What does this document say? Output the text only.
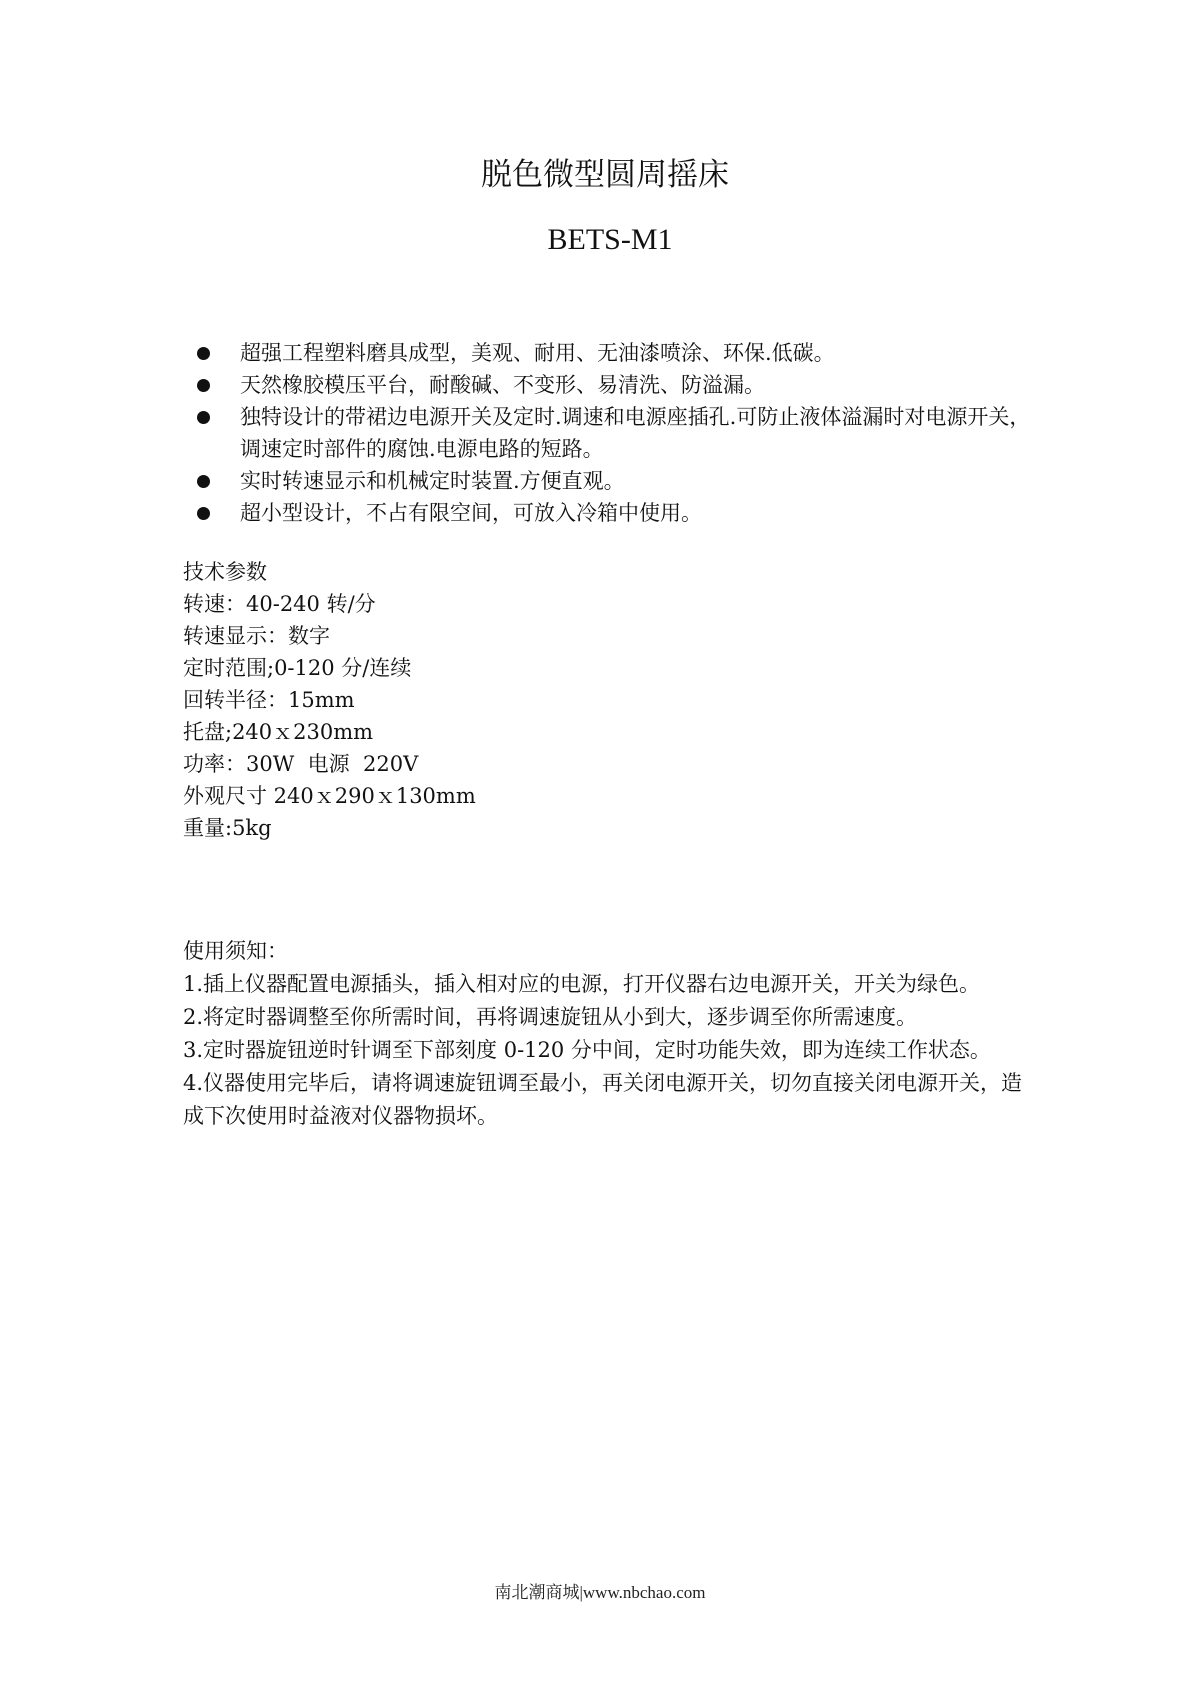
脱色微型圆周摇床
BETS-M1
超强工程塑料磨具成型，美观、耐用、无油漆喷涂、环保.低碳。
天然橡胶模压平台，耐酸碱、不变形、易清洗、防溢漏。
独特设计的带裙边电源开关及定时.调速和电源座插孔.可防止液体溢漏时对电源开关，调速定时部件的腐蚀.电源电路的短路。
实时转速显示和机械定时装置.方便直观。
超小型设计，不占有限空间，可放入冷箱中使用。
技术参数
转速：40-240 转/分
转速显示：数字
定时范围;0-120 分/连续
回转半径：15mm
托盘;240ｘ230mm
功率：30W  电源  220V
外观尺寸 240ｘ290ｘ130mm
重量:5kg

使用须知：

1.插上仪器配置电源插头，插入相对应的电源，打开仪器右边电源开关，开关为绿色。

2.将定时器调整至你所需时间，再将调速旋钮从小到大，逐步调至你所需速度。

3.定时器旋钮逆时针调至下部刻度 0-120 分中间，定时功能失效，即为连续工作状态。

4.仪器使用完毕后，请将调速旋钮调至最小，再关闭电源开关，切勿直接关闭电源开关，造成下次使用时益液对仪器物损坏。

南北潮商城|www.nbchao.com
